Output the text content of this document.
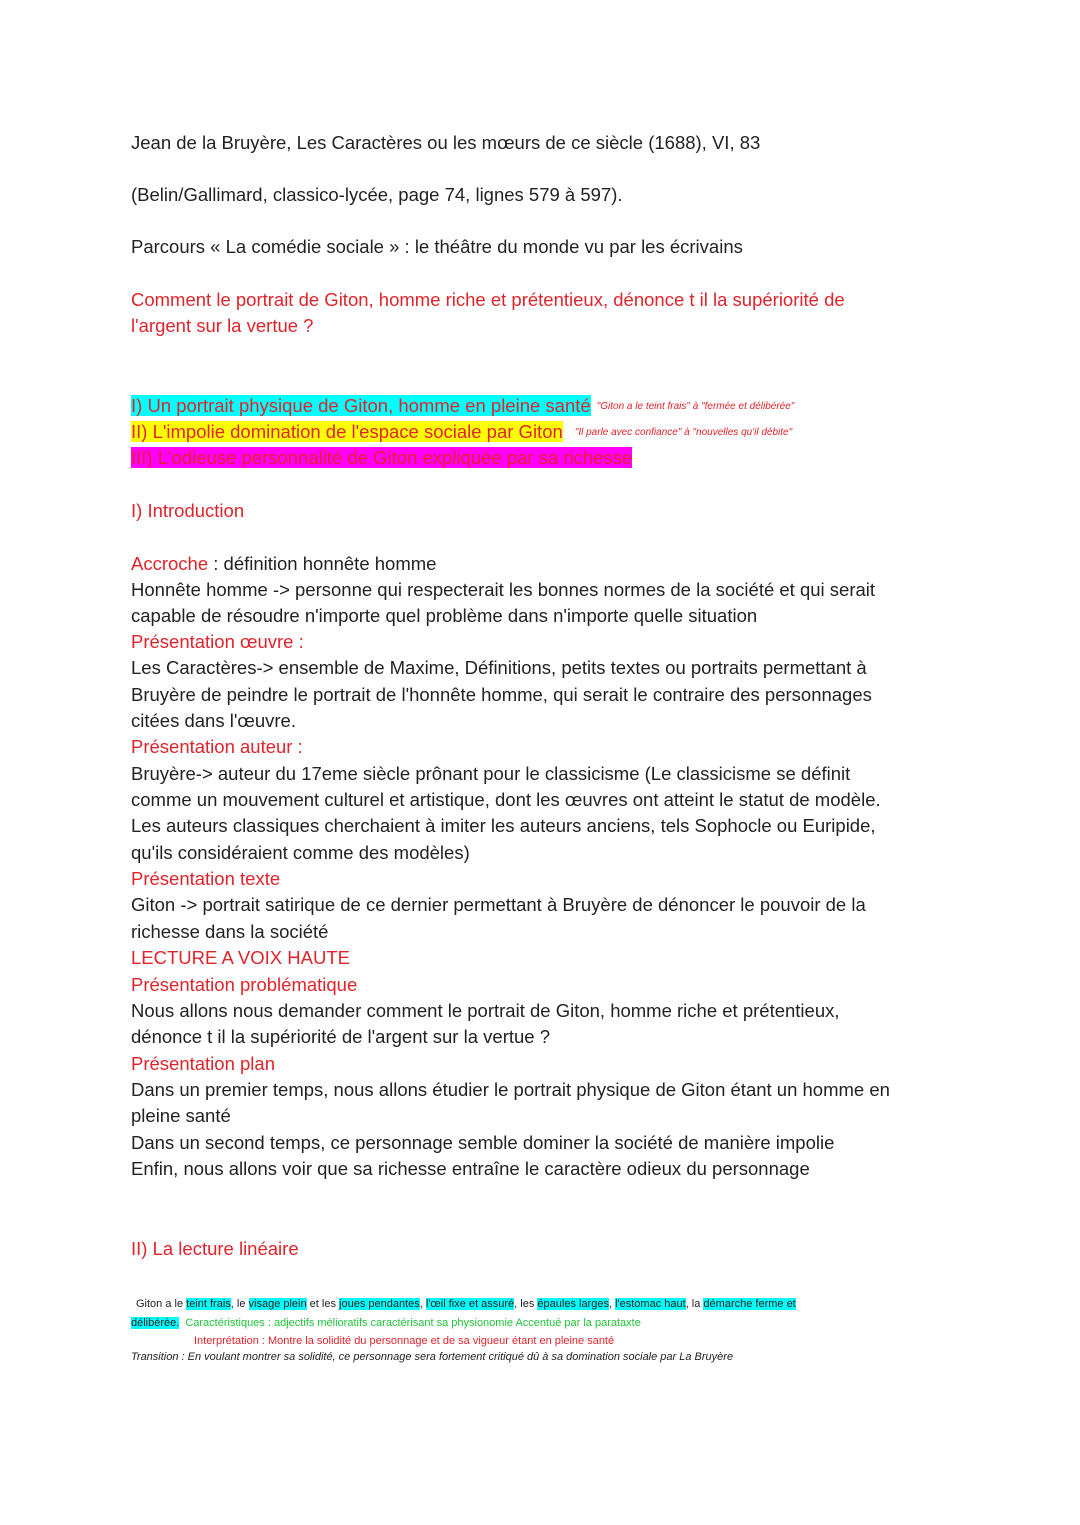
Jean de la Bruyère, Les Caractères ou les mœurs de ce siècle (1688), VI, 83
(Belin/Gallimard, classico-lycée, page 74, lignes 579 à 597).
Parcours « La comédie sociale » : le théâtre du monde vu par les écrivains
Comment le portrait de Giton, homme riche et prétentieux, dénonce t il la supériorité de
l'argent sur la vertue ?
I) Un portrait physique de Giton, homme en pleine santé "Giton a le teint frais" à "fermée et délibérée"
II) L'impolie domination de l'espace sociale par Giton "Il parle avec confiance" à "nouvelles qu'il débite"
III) L'odieuse personnalité de Giton expliquée par sa richesse
I) Introduction
Accroche : définition honnête homme
Honnête homme -> personne qui respecterait les bonnes normes de la société et qui serait
capable de résoudre n'importe quel problème dans n'importe quelle situation
Présentation œuvre :
Les Caractères-> ensemble de Maxime, Définitions, petits textes ou portraits permettant à
Bruyère de peindre le portrait de l'honnête homme, qui serait le contraire des personnages
citées dans l'œuvre.
Présentation auteur :
Bruyère-> auteur du 17eme siècle prônant pour le classicisme (Le classicisme se définit
comme un mouvement culturel et artistique, dont les œuvres ont atteint le statut de modèle.
Les auteurs classiques cherchaient à imiter les auteurs anciens, tels Sophocle ou Euripide,
qu'ils considéraient comme des modèles)
Présentation texte
Giton -> portrait satirique de ce dernier permettant à Bruyère de dénoncer le pouvoir de la
richesse dans la société
LECTURE A VOIX HAUTE
Présentation problématique
Nous allons nous demander comment le portrait de Giton, homme riche et prétentieux,
dénonce t il la supériorité de l'argent sur la vertue ?
Présentation plan
Dans un premier temps, nous allons étudier le portrait physique de Giton étant un homme en
pleine santé
Dans un second temps, ce personnage semble dominer la société de manière impolie
Enfin, nous allons voir que sa richesse entraîne le caractère odieux du personnage
II) La lecture linéaire
Giton a le teint frais, le visage plein et les joues pendantes, l'œil fixe et assuré, les épaules larges, l'estomac haut, la démarche ferme et
délibérée. Caractéristiques : adjectifs mélioratifs caractérisant sa physionomie Accentué par la parataxte
Interprétation : Montre la solidité du personnage et de sa vigueur étant en pleine santé
Transition : En voulant montrer sa solidité, ce personnage sera fortement critiqué dû à sa domination sociale par La Bruyère
